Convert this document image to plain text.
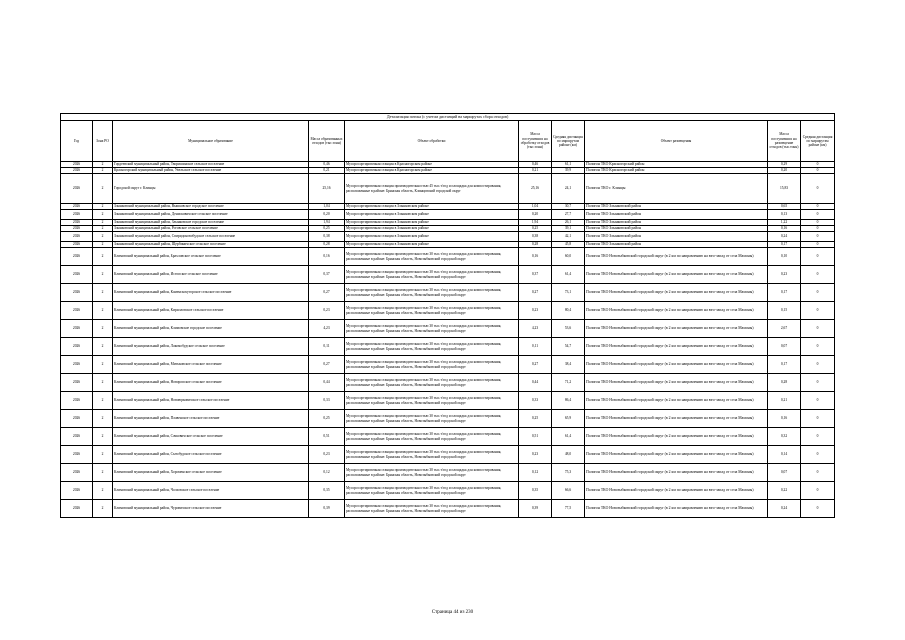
Детализация потока (с учетом дистанций на маршрутах сбора отходов)									
Год	Зона РО	Муниципальное образование	Масса образованных отходов (тыс.тонн)	Объект обработки	Масса поступивших на обработку отходов (тыс.тонн)	Средняя дистанция по маршрутам районе (км)	Объект размещения	Масса поступивших на размещение отходов (тыс.тонн)	Средняя дистанция по маршрутам районе (км)
2026	2	Гордеевский муниципальный район, Творишинское сельское поселение	0,46	Мусоросортировочная станция в Красногорском районе	0,46	61,1	Полигон ТКО Красногорский район	0,29	0
2026	2	Красногорский муниципальный район, Увельское сельское поселение	0,21	Мусоросортировочная станция в Красногорском районе	0,21	39,9	Полигон ТКО Красногорский район	0,20	0
2026	2	Городской округ г. Клинцы	25,16	Мусоросортировочная станция производительностью 45 тыс.т/год и площадка для компостирования, расположенные в районе: Брянская область, Клинцовский городской округ	25,16	24,1	Полигон ТКО г. Клинцы	15,83	0
2026	2	Злынковский муниципальный район, Вышковское городское поселение	1,04	Мусоросортировочная станция в Злынковском районе	1,04	30,7	Полигон ТКО Злынковский район	0,65	0
2026	2	Злынковский муниципальный район, Денисковичское сельское поселение	0,20	Мусоросортировочная станция в Злынковском районе	0,20	27,7	Полигон ТКО Злынковский район	0,13	0
2026	2	Злынковский муниципальный район, Злынковское городское поселение	1,94	Мусоросортировочная станция в Злынковском районе	1,94	26,1	Полигон ТКО Злынковский район	1,22	0
2026	2	Злынковский муниципальный район, Роговское сельское поселение	0,25	Мусоросортировочная станция в Злынковском районе	0,25	39,1	Полигон ТКО Злынковский район	0,16	0
2026	2	Злынковский муниципальный район, Спиридоновобудское сельское поселение	0,38	Мусоросортировочная станция в Злынковском районе	0,38	42,1	Полигон ТКО Злынковский район	0,24	0
2026	2	Злынковский муниципальный район, Щербиничское сельское поселение	0,28	Мусоросортировочная станция в Злынковском районе	0,28	45,8	Полигон ТКО Злынковский район	0,17	0
2026	2	Климовский муниципальный район, Брахловское сельское поселение	0,16	Мусоросортировочная станция производительностью 30 тыс.т/год и площадка для компостирования, расположенные в районе: Брянская область, Новозыбковский городской округ	0,16	60,0	Полигон ТКО Новозыбковский городской округ (в 2 км по направлению на юго-запад от села Мамоны)	0,10	0
2026	2	Климовский муниципальный район, Истопское сельское поселение	0,37	Мусоросортировочная станция производительностью 30 тыс.т/год и площадка для компостирования, расположенные в районе: Брянская область, Новозыбковский городской округ	0,37	61,4	Полигон ТКО Новозыбковский городской округ (в 2 км по направлению на юго-запад от села Мамоны)	0,23	0
2026	2	Климовский муниципальный район, Каменскохуторское сельское поселение	0,27	Мусоросортировочная станция производительностью 30 тыс.т/год и площадка для компостирования, расположенные в районе: Брянская область, Новозыбковский городской округ	0,27	73,1	Полигон ТКО Новозыбковский городской округ (в 2 км по направлению на юго-запад от села Мамоны)	0,17	0
2026	2	Климовский муниципальный район, Кирилловское сельское поселение	0,23	Мусоросортировочная станция производительностью 30 тыс.т/год и площадка для компостирования, расположенные в районе: Брянская область, Новозыбковский городской округ	0,23	80,4	Полигон ТКО Новозыбковский городской округ (в 2 км по направлению на юго-запад от села Мамоны)	0,15	0
2026	2	Климовский муниципальный район, Климовское городское поселение	4,23	Мусоросортировочная станция производительностью 30 тыс.т/год и площадка для компостирования, расположенные в районе: Брянская область, Новозыбковский городской округ	4,23	53,6	Полигон ТКО Новозыбковский городской округ (в 2 км по направлению на юго-запад от села Мамоны)	2,67	0
2026	2	Климовский муниципальный район, Лакомобудское сельское поселение	0,11	Мусоросортировочная станция производительностью 30 тыс.т/год и площадка для компостирования, расположенные в районе: Брянская область, Новозыбковский городской округ	0,11	54,7	Полигон ТКО Новозыбковский городской округ (в 2 км по направлению на юго-запад от села Мамоны)	0,07	0
2026	2	Климовский муниципальный район, Митьковское сельское поселение	0,27	Мусоросортировочная станция производительностью 30 тыс.т/год и площадка для компостирования, расположенные в районе: Брянская область, Новозыбковский городской округ	0,27	38,4	Полигон ТКО Новозыбковский городской округ (в 2 км по направлению на юго-запад от села Мамоны)	0,17	0
2026	2	Климовский муниципальный район, Новоропское сельское поселение	0,44	Мусоросортировочная станция производительностью 30 тыс.т/год и площадка для компостирования, расположенные в районе: Брянская область, Новозыбковский городской округ	0,44	71,2	Полигон ТКО Новозыбковский городской округ (в 2 км по направлению на юго-запад от села Мамоны)	0,28	0
2026	2	Климовский муниципальный район, Новоюрковичское сельское поселение	0,33	Мусоросортировочная станция производительностью 30 тыс.т/год и площадка для компостирования, расположенные в районе: Брянская область, Новозыбковский городской округ	0,33	86,4	Полигон ТКО Новозыбковский городской округ (в 2 км по направлению на юго-запад от села Мамоны)	0,21	0
2026	2	Климовский муниципальный район, Плавенское сельское поселение	0,25	Мусоросортировочная станция производительностью 30 тыс.т/год и площадка для компостирования, расположенные в районе: Брянская область, Новозыбковский городской округ	0,25	65,9	Полигон ТКО Новозыбковский городской округ (в 2 км по направлению на юго-запад от села Мамоны)	0,16	0
2026	2	Климовский муниципальный район, Сачковичское сельское поселение	0,51	Мусоросортировочная станция производительностью 30 тыс.т/год и площадка для компостирования, расположенные в районе: Брянская область, Новозыбковский городской округ	0,51	61,4	Полигон ТКО Новозыбковский городской округ (в 2 км по направлению на юго-запад от села Мамоны)	0,32	0
2026	2	Климовский муниципальный район, Сытобудское сельское поселение	0,23	Мусоросортировочная станция производительностью 30 тыс.т/год и площадка для компостирования, расположенные в районе: Брянская область, Новозыбковский городской округ	0,23	48,0	Полигон ТКО Новозыбковский городской округ (в 2 км по направлению на юго-запад от села Мамоны)	0,14	0
2026	2	Климовский муниципальный район, Хороменское сельское поселение	0,12	Мусоросортировочная станция производительностью 30 тыс.т/год и площадка для компостирования, расположенные в районе: Брянская область, Новозыбковский городской округ	0,12	75,3	Полигон ТКО Новозыбковский городской округ (в 2 км по направлению на юго-запад от села Мамоны)	0,07	0
2026	2	Климовский муниципальный район, Чолховское сельское поселение	0,35	Мусоросортировочная станция производительностью 30 тыс.т/год и площадка для компостирования, расположенные в районе: Брянская область, Новозыбковский городской округ	0,35	66,6	Полигон ТКО Новозыбковский городской округ (в 2 км по направлению на юго-запад от села Мамоны)	0,22	0
2026	2	Климовский муниципальный район, Чуровичское сельское поселение	0,39	Мусоросортировочная станция производительностью 30 тыс.т/год и площадка для компостирования, расположенные в районе: Брянская область, Новозыбковский городской округ	0,39	77,5	Полигон ТКО Новозыбковский городской округ (в 2 км по направлению на юго-запад от села Мамоны)	0,24	0
Страница 44 из 230
